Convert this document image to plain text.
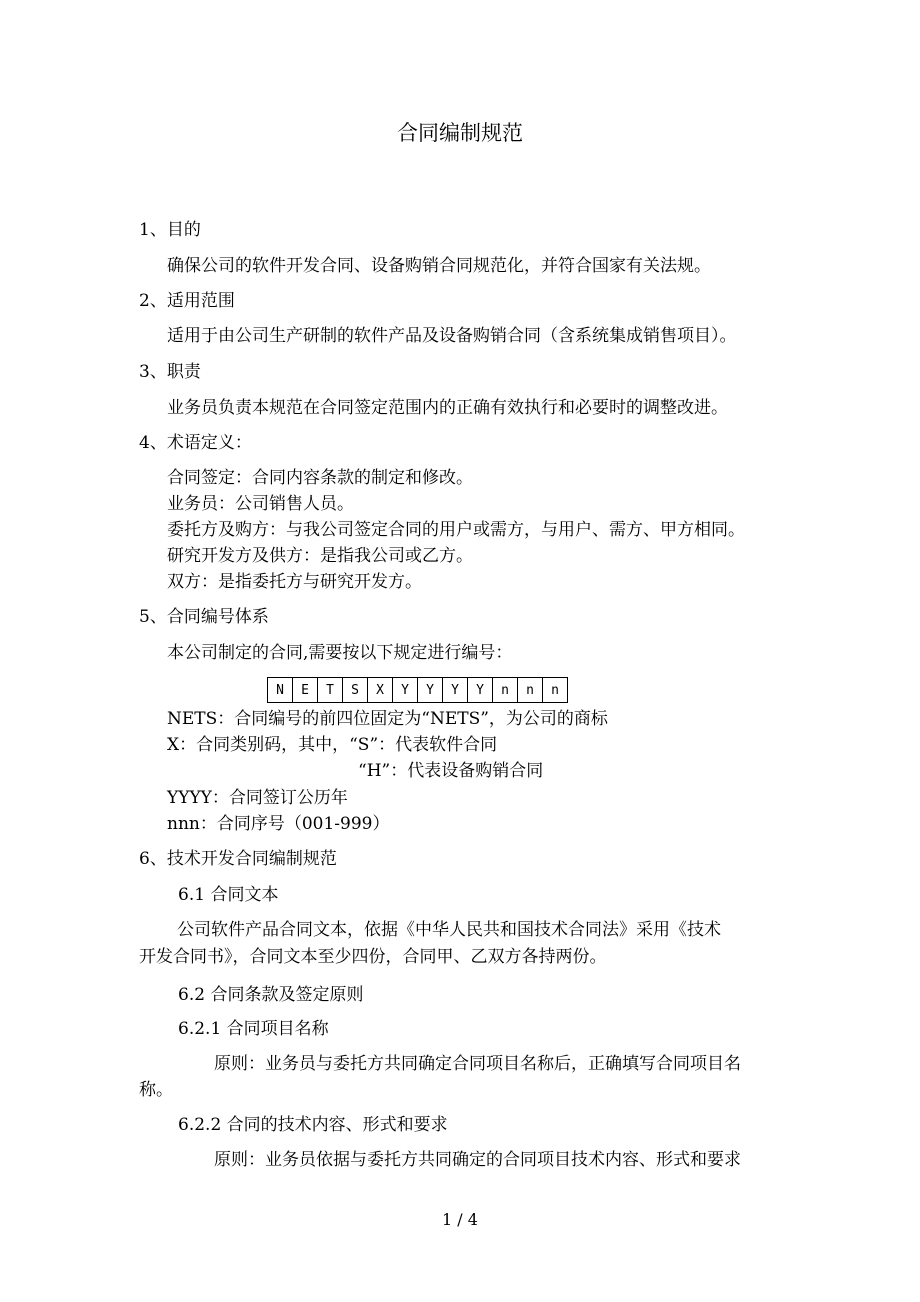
合同编制规范
1、目的
确保公司的软件开发合同、设备购销合同规范化，并符合国家有关法规。
2、适用范围
适用于由公司生产研制的软件产品及设备购销合同（含系统集成销售项目）。
3、职责
业务员负责本规范在合同签定范围内的正确有效执行和必要时的调整改进。
4、术语定义：
合同签定：合同内容条款的制定和修改。
业务员：公司销售人员。
委托方及购方：与我公司签定合同的用户或需方，与用户、需方、甲方相同。
研究开发方及供方：是指我公司或乙方。
双方：是指委托方与研究开发方。
5、合同编号体系
本公司制定的合同,需要按以下规定进行编号：
N	E	T	S	X	Y	Y	Y	Y	n	n	n
NETS：合同编号的前四位固定为“NETS”，为公司的商标
X：合同类别码，其中，“S”：代表软件合同
“H”：代表设备购销合同
YYYY：合同签订公历年
nnn：合同序号（001-999）
6、技术开发合同编制规范
6.1 合同文本
公司软件产品合同文本，依据《中华人民共和国技术合同法》采用《技术
开发合同书》，合同文本至少四份，合同甲、乙双方各持两份。
6.2 合同条款及签定原则
6.2.1 合同项目名称
原则：业务员与委托方共同确定合同项目名称后，正确填写合同项目名
称。
6.2.2 合同的技术内容、形式和要求
原则：业务员依据与委托方共同确定的合同项目技术内容、形式和要求
1 / 4
